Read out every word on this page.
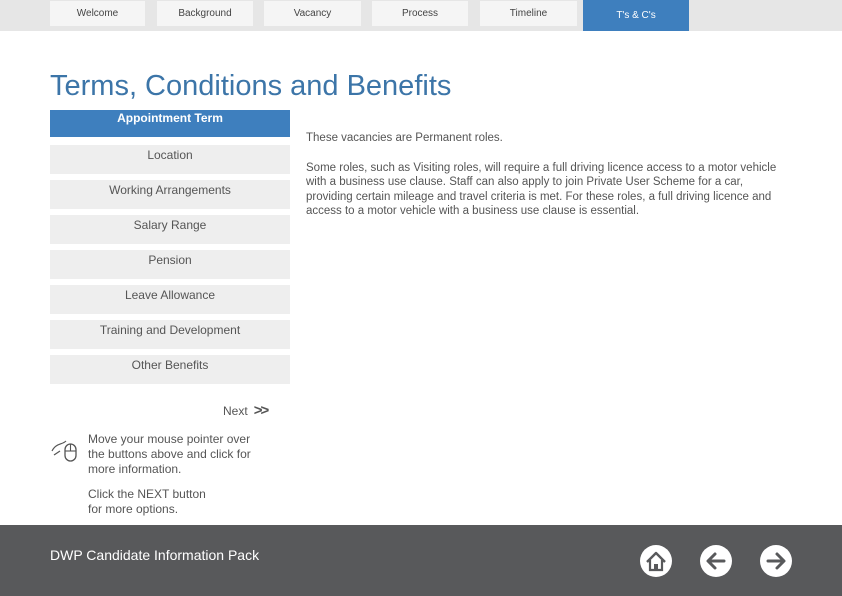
Welcome	Background	Vacancy	Process	Timeline	T's & C's
Terms, Conditions and Benefits
Appointment Term
Location
Working Arrangements
Salary Range
Pension
Leave Allowance
Training and Development
Other Benefits

These vacancies are Permanent roles.

Some roles, such as Visiting roles, will require a full driving licence access to a motor vehicle with a business use clause. Staff can also apply to join Private User Scheme for a car, providing certain mileage and travel criteria is met. For these roles, a full driving licence and access to a motor vehicle with a business use clause is essential.

Next >>
Move your mouse pointer over the buttons above and click for more information.
Click the NEXT button for more options.
DWP Candidate Information Pack
